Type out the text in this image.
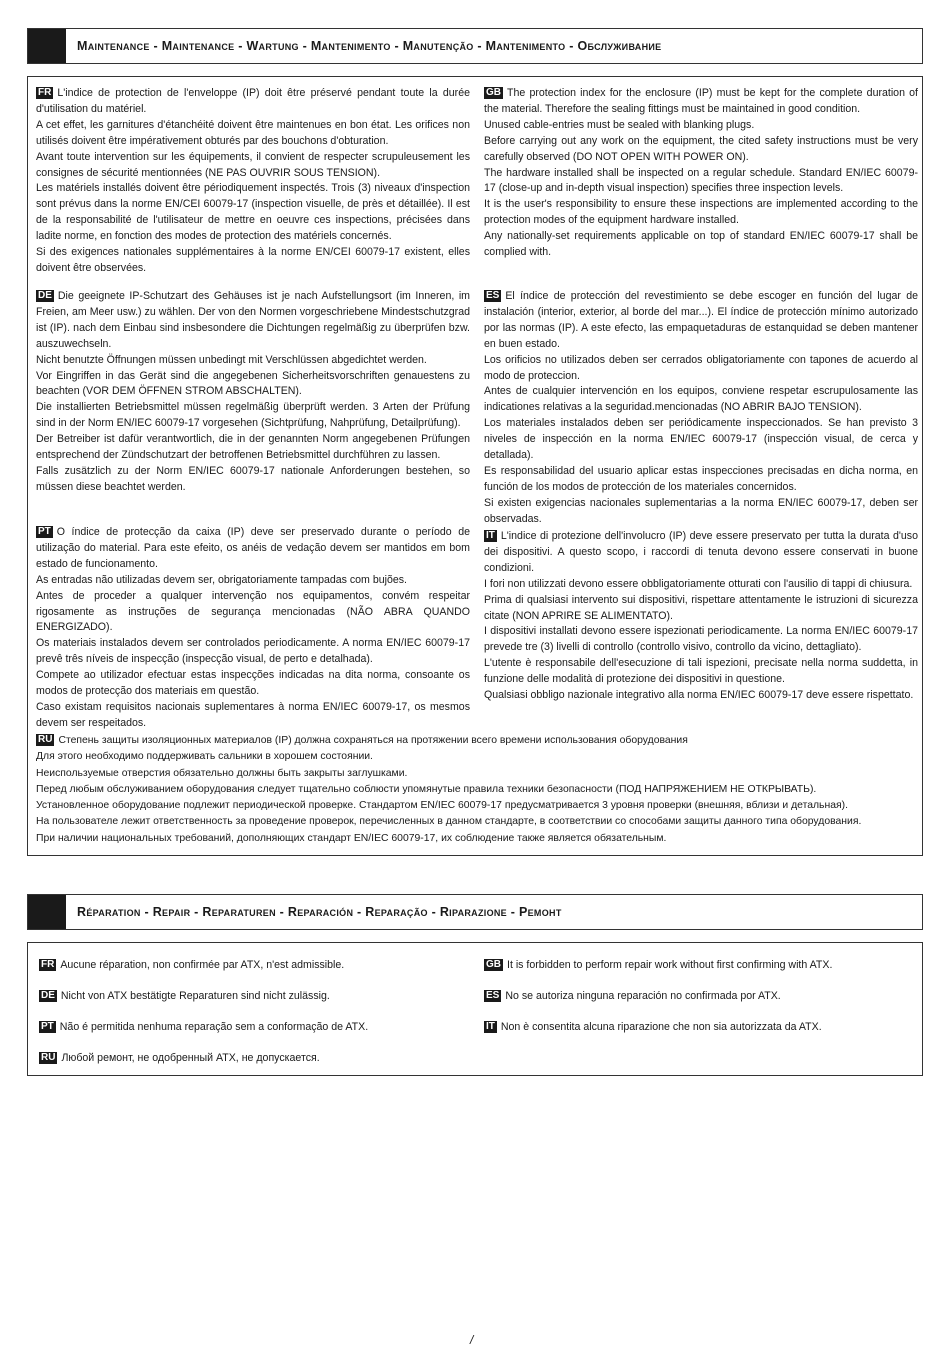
Maintenance - Maintenance - Wartung - Mantenimento - Manutenção - Mantenimento - Обслуживание
FR L'indice de protection de l'enveloppe (IP) doit être préservé pendant toute la durée d'utilisation du matériel.
A cet effet, les garnitures d'étanchéité doivent être maintenues en bon état. Les orifices non utilisés doivent être impérativement obturés par des bouchons d'obturation.
Avant toute intervention sur les équipements, il convient de respecter scrupuleusement les consignes de sécurité mentionnées (NE PAS OUVRIR SOUS TENSION).
Les matériels installés doivent être périodiquement inspectés. Trois (3) niveaux d'inspection sont prévus dans la norme EN/CEI 60079-17 (inspection visuelle, de près et détaillée). Il est de la responsabilité de l'utilisateur de mettre en oeuvre ces inspections, précisées dans ladite norme, en fonction des modes de protection des matériels concernés.
Si des exigences nationales supplémentaires à la norme EN/CEI 60079-17 existent, elles doivent être observées.
GB The protection index for the enclosure (IP) must be kept for the complete duration of the material. Therefore the sealing fittings must be maintained in good condition.
Unused cable-entries must be sealed with blanking plugs.
Before carrying out any work on the equipment, the cited safety instructions must be very carefully observed (DO NOT OPEN WITH POWER ON).
The hardware installed shall be inspected on a regular schedule. Standard EN/IEC 60079-17 (close-up and in-depth visual inspection) specifies three inspection levels.
It is the user's responsibility to ensure these inspections are implemented according to the protection modes of the equipment hardware installed.
Any nationally-set requirements applicable on top of standard EN/IEC 60079-17 shall be complied with.
DE Die geeignete IP-Schutzart des Gehäuses ist je nach Aufstellungsort (im Inneren, im Freien, am Meer usw.) zu wählen. Der von den Normen vorgeschriebene Mindestschutzgrad ist (IP). nach dem Einbau sind insbesondere die Dichtungen regelmäßig zu überprüfen bzw. auszuwechseln.
Nicht benutzte Öffnungen müssen unbedingt mit Verschlüssen abgedichtet werden.
Vor Eingriffen in das Gerät sind die angegebenen Sicherheitsvorschriften genauestens zu beachten (VOR DEM ÖFFNEN STROM ABSCHALTEN).
Die installierten Betriebsmittel müssen regelmäßig überprüft werden. 3 Arten der Prüfung sind in der Norm EN/IEC 60079-17 vorgesehen (Sichtprüfung, Nahprüfung, Detailprüfung).
Der Betreiber ist dafür verantwortlich, die in der genannten Norm angegebenen Prüfungen entsprechend der Zündschutzart der betroffenen Betriebsmittel durchführen zu lassen.
Falls zusätzlich zu der Norm EN/IEC 60079-17 nationale Anforderungen bestehen, so müssen diese beachtet werden.
ES El índice de protección del revestimiento se debe escoger en función del lugar de instalación (interior, exterior, al borde del mar...). El índice de protección mínimo autorizado por las normas (IP). A este efecto, las empaquetaduras de estanquidad se deben mantener en buen estado.
Los orificios no utilizados deben ser cerrados obligatoriamente con tapones de acuerdo al modo de proteccion.
Antes de cualquier intervención en los equipos, conviene respetar escrupulosamente las indicationes relativas a la seguridad.mencionadas (NO ABRIR BAJO TENSION).
Los materiales instalados deben ser periódicamente inspeccionados. Se han previsto 3 niveles de inspección en la norma EN/IEC 60079-17 (inspección visual, de cerca y detallada).
Es responsabilidad del usuario aplicar estas inspecciones precisadas en dicha norma, en función de los modos de protección de los materiales concernidos.
Si existen exigencias nacionales suplementarias a la norma EN/IEC 60079-17, deben ser observadas.
PT O índice de protecção da caixa (IP) deve ser preservado durante o período de utilização do material. Para este efeito, os anéis de vedação devem ser mantidos em bom estado de funcionamento.
As entradas não utilizadas devem ser, obrigatoriamente tampadas com bujões.
Antes de proceder a qualquer intervenção nos equipamentos, convém respeitar rigosamente as instruções de segurança mencionadas (NÃO ABRA QUANDO ENERGIZADO).
Os materiais instalados devem ser controlados periodicamente. A norma EN/IEC 60079-17 prevê três níveis de inspecção (inspecção visual, de perto e detalhada).
Compete ao utilizador efectuar estas inspecções indicadas na dita norma, consoante os modos de protecção dos materiais em questão.
Caso existam requisitos nacionais suplementares à norma EN/IEC 60079-17, os mesmos devem ser respeitados.
IT L'indice di protezione dell'involucro (IP) deve essere preservato per tutta la durata d'uso dei dispositivi. A questo scopo, i raccordi di tenuta devono essere conservati in buone condizioni.
I fori non utilizzati devono essere obbligatoriamente otturati con l'ausilio di tappi di chiusura.
Prima di qualsiasi intervento sui dispositivi, rispettare attentamente le istruzioni di sicurezza citate (NON APRIRE SE ALIMENTATO).
I dispositivi installati devono essere ispezionati periodicamente. La norma EN/IEC 60079-17 prevede tre (3) livelli di controllo (controllo visivo, controllo da vicino, dettagliato).
L'utente è responsabile dell'esecuzione di tali ispezioni, precisate nella norma suddetta, in funzione delle modalità di protezione dei dispositivi in questione.
Qualsiasi obbligo nazionale integrativo alla norma EN/IEC 60079-17 deve essere rispettato.
RU Степень защиты изоляционных материалов (IP) должна сохраняться на протяжении всего времени использования оборудования
Для этого необходимо поддерживать сальники в хорошем состоянии.
Неиспользуемые отверстия обязательно должны быть закрыты заглушками.
Перед любым обслуживанием оборудования следует тщательно соблюсти упомянутые правила техники безопасности (ПОД НАПРЯЖЕНИЕМ НЕ ОТКРЫВАТЬ).
Установленное оборудование подлежит периодической проверке. Стандартом EN/IEC 60079-17 предусматривается 3 уровня проверки (внешняя, вблизи и детальная).
На пользователе лежит ответственность за проведение проверок, перечисленных в данном стандарте, в соответствии со способами защиты данного типа оборудования.
При наличии национальных требований, дополняющих стандарт EN/IEC 60079-17, их соблюдение также является обязательным.
Réparation - Repair - Reparaturen - Reparación - Reparação - Riparazione - Pemoht
FR Aucune réparation, non confirmée par ATX, n'est admissible.	GB It is forbidden to perform repair work without first confirming with ATX.
DE Nicht von ATX bestätigte Reparaturen sind nicht zulässig.	ES No se autoriza ninguna reparación no confirmada por ATX.
PT Não é permitida nenhuma reparação sem a conformação de ATX.	IT Non è consentita alcuna riparazione che non sia autorizzata da ATX.
RU Любой ремонт, не одобренный ATX, не допускается.
/
